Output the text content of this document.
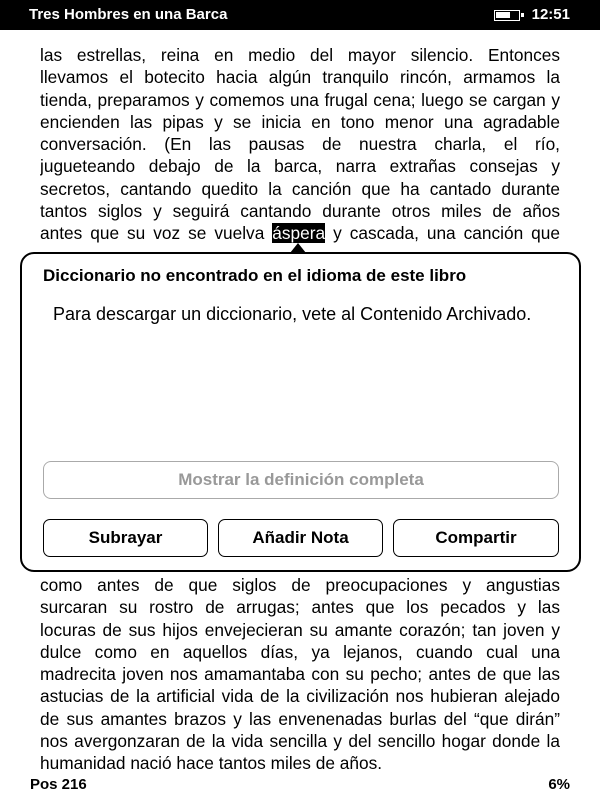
Tres Hombres en una Barca	12:51
las estrellas, reina en medio del mayor silencio. Entonces
llevamos el botecito hacia algún tranquilo rincón, armamos la
tienda, preparamos y comemos una frugal cena; luego se cargan y
encienden las pipas y se inicia en tono menor una agradable
conversación. (En las pausas de nuestra charla, el río,
jugueteando debajo de la barca, narra extrañas consejas y
secretos, cantando quedito la canción que ha cantado durante
tantos siglos y seguirá cantando durante otros miles de años
antes que su voz se vuelva áspera y cascada, una canción que
como antes de que siglos de preocupaciones y angustias
surcaran su rostro de arrugas; antes que los pecados y las
locuras de sus hijos envejecieran su amante corazón; tan joven y
dulce como en aquellos días, ya lejanos, cuando cual una
madrecita joven nos amamantaba con su pecho; antes de que las
astucias de la artificial vida de la civilización nos hubieran alejado
de sus amantes brazos y las envenenadas burlas del “que dirán”
nos avergonzaran de la vida sencilla y del sencillo hogar donde la
humanidad nació hace tantos miles de años.
Diccionario no encontrado en el idioma de este libro
Para descargar un diccionario, vete al Contenido Archivado.
Mostrar la definición completa
Subrayar	Añadir Nota	Compartir
Pos 216	6%
